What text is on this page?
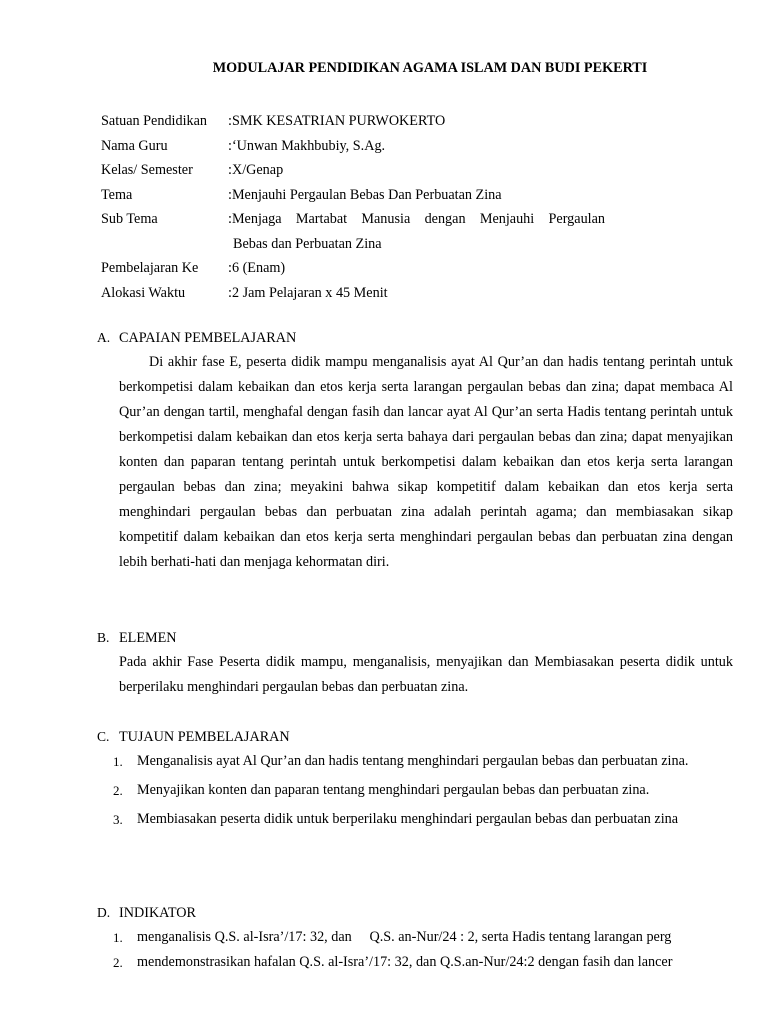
MODULAJAR PENDIDIKAN AGAMA ISLAM DAN BUDI PEKERTI
Satuan Pendidikan	:SMK KESATRIAN PURWOKERTO
Nama Guru	:‘Unwan Makhbubiy, S.Ag.
Kelas/ Semester	:X/Genap
Tema	:Menjauhi Pergaulan Bebas Dan Perbuatan Zina
Sub Tema	:Menjaga Martabat Manusia dengan Menjauhi Pergaulan
Bebas dan Perbuatan Zina
Pembelajaran Ke	:6 (Enam)
Alokasi Waktu	:2 Jam Pelajaran x 45 Menit
A. CAPAIAN PEMBELAJARAN
Di akhir fase E, peserta didik mampu menganalisis ayat Al Qur’an dan hadis tentang perintah untuk berkompetisi dalam kebaikan dan etos kerja serta larangan pergaulan bebas dan zina; dapat membaca Al Qur’an dengan tartil, menghafal dengan fasih dan lancar ayat Al Qur’an serta Hadis tentang perintah untuk berkompetisi dalam kebaikan dan etos kerja serta bahaya dari pergaulan bebas dan zina; dapat menyajikan konten dan paparan tentang perintah untuk berkompetisi dalam kebaikan dan etos kerja serta larangan pergaulan bebas dan zina; meyakini bahwa sikap kompetitif dalam kebaikan dan etos kerja serta menghindari pergaulan bebas dan perbuatan zina adalah perintah agama; dan membiasakan sikap kompetitif dalam kebaikan dan etos kerja serta menghindari pergaulan bebas dan perbuatan zina dengan lebih berhati-hati dan menjaga kehormatan diri.
B. ELEMEN
Pada akhir Fase Peserta didik mampu, menganalisis, menyajikan dan Membiasakan peserta didik untuk berperilaku menghindari pergaulan bebas dan perbuatan zina.
C. TUJAUN PEMBELAJARAN
1.	Menganalisis ayat Al Qur’an dan hadis tentang menghindari pergaulan bebas dan perbuatan zina.
2.	Menyajikan konten dan paparan tentang menghindari pergaulan bebas dan perbuatan zina.
3.	Membiasakan peserta didik untuk berperilaku menghindari pergaulan bebas dan perbuatan zina
D. INDIKATOR
1.	menganalisis Q.S. al-Isra’/17: 32, dan     Q.S. an-Nur/24 : 2, serta Hadis tentang larangan perg
2.	mendemonstrasikan hafalan Q.S. al-Isra’/17: 32, dan Q.S.an-Nur/24:2 dengan fasih dan lancer
